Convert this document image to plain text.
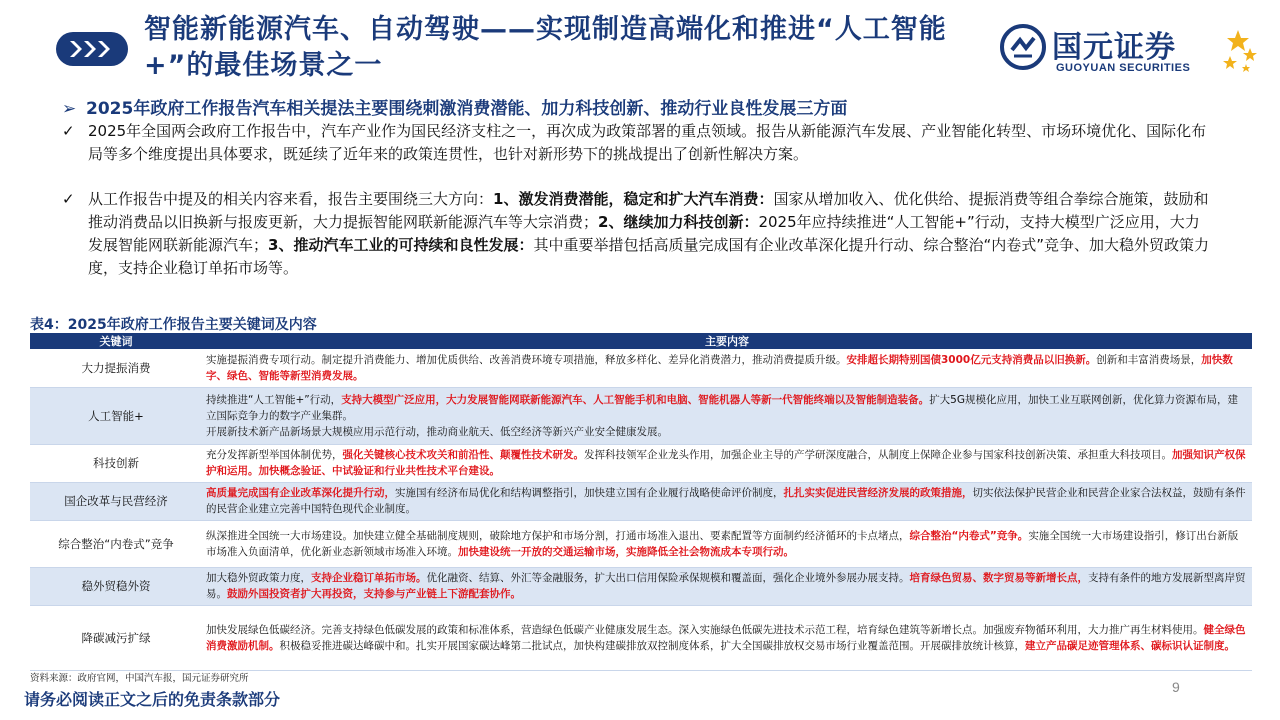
智能新能源汽车、自动驾驶——实现制造高端化和推进“人工智能+”的最佳场景之一
国元证券
GUOYUAN SECURITIES
➢ 2025年政府工作报告汽车相关提法主要围绕刺激消费潜能、加力科技创新、推动行业良性发展三方面
✓ 2025年全国两会政府工作报告中，汽车产业作为国民经济支柱之一，再次成为政策部署的重点领域。报告从新能源汽车发展、产业智能化转型、市场环境优化、国际化布局等多个维度提出具体要求，既延续了近年来的政策连贯性，也针对新形势下的挑战提出了创新性解决方案。
✓ 从工作报告中提及的相关内容来看，报告主要围绕三大方向：1、激发消费潜能，稳定和扩大汽车消费：国家从增加收入、优化供给、提振消费等组合拳综合施策，鼓励和推动消费品以旧换新与报废更新，大力提振智能网联新能源汽车等大宗消费；2、继续加力科技创新：2025年应持续推进“人工智能+”行动，支持大模型广泛应用，大力发展智能网联新能源汽车；3、推动汽车工业的可持续和良性发展：其中重要举措包括高质量完成国有企业改革深化提升行动、综合整治“内卷式”竞争、加大稳外贸政策力度，支持企业稳订单拓市场等。
表4：2025年政府工作报告主要关键词及内容
关键词	主要内容
大力提振消费	实施提振消费专项行动。制定提升消费能力、增加优质供给、改善消费环境专项措施，释放多样化、差异化消费潜力，推动消费提质升级。安排超长期特别国债3000亿元支持消费品以旧换新。创新和丰富消费场景，加快数字、绿色、智能等新型消费发展。
人工智能+	持续推进“人工智能+”行动，支持大模型广泛应用，大力发展智能网联新能源汽车、人工智能手机和电脑、智能机器人等新一代智能终端以及智能制造装备。扩大5G规模化应用，加快工业互联网创新，优化算力资源布局，建立国际竞争力的数字产业集群。
开展新技术新产品新场景大规模应用示范行动，推动商业航天、低空经济等新兴产业安全健康发展。
科技创新	充分发挥新型举国体制优势，强化关键核心技术攻关和前沿性、颠覆性技术研发。发挥科技领军企业龙头作用，加强企业主导的产学研深度融合，从制度上保障企业参与国家科技创新决策、承担重大科技项目。加强知识产权保护和运用。加快概念验证、中试验证和行业共性技术平台建设。
国企改革与民营经济	高质量完成国有企业改革深化提升行动，实施国有经济布局优化和结构调整指引，加快建立国有企业履行战略使命评价制度，扎扎实实促进民营经济发展的政策措施，切实依法保护民营企业和民营企业家合法权益，鼓励有条件的民营企业建立完善中国特色现代企业制度。
综合整治“内卷式”竞争	纵深推进全国统一大市场建设。加快建立健全基础制度规则，破除地方保护和市场分割，打通市场准入退出、要素配置等方面制约经济循环的卡点堵点，综合整治“内卷式”竞争。实施全国统一大市场建设指引，修订出台新版市场准入负面清单，优化新业态新领域市场准入环境。加快建设统一开放的交通运输市场，实施降低全社会物流成本专项行动。
稳外贸稳外资	加大稳外贸政策力度，支持企业稳订单拓市场。优化融资、结算、外汇等金融服务，扩大出口信用保险承保规模和覆盖面，强化企业境外参展办展支持。培育绿色贸易、数字贸易等新增长点，支持有条件的地方发展新型离岸贸易。鼓励外国投资者扩大再投资，支持参与产业链上下游配套协作。
降碳减污扩绿	加快发展绿色低碳经济。完善支持绿色低碳发展的政策和标准体系，营造绿色低碳产业健康发展生态。深入实施绿色低碳先进技术示范工程，培育绿色建筑等新增长点。加强废弃物循环利用，大力推广再生材料使用。健全绿色消费激励机制。积极稳妥推进碳达峰碳中和。扎实开展国家碳达峰第二批试点，加快构建碳排放双控制度体系，扩大全国碳排放权交易市场行业覆盖范围。开展碳排放统计核算，建立产品碳足迹管理体系、碳标识认证制度。
资料来源：政府官网，中国汽车报，国元证券研究所
请务必阅读正文之后的免责条款部分
9
